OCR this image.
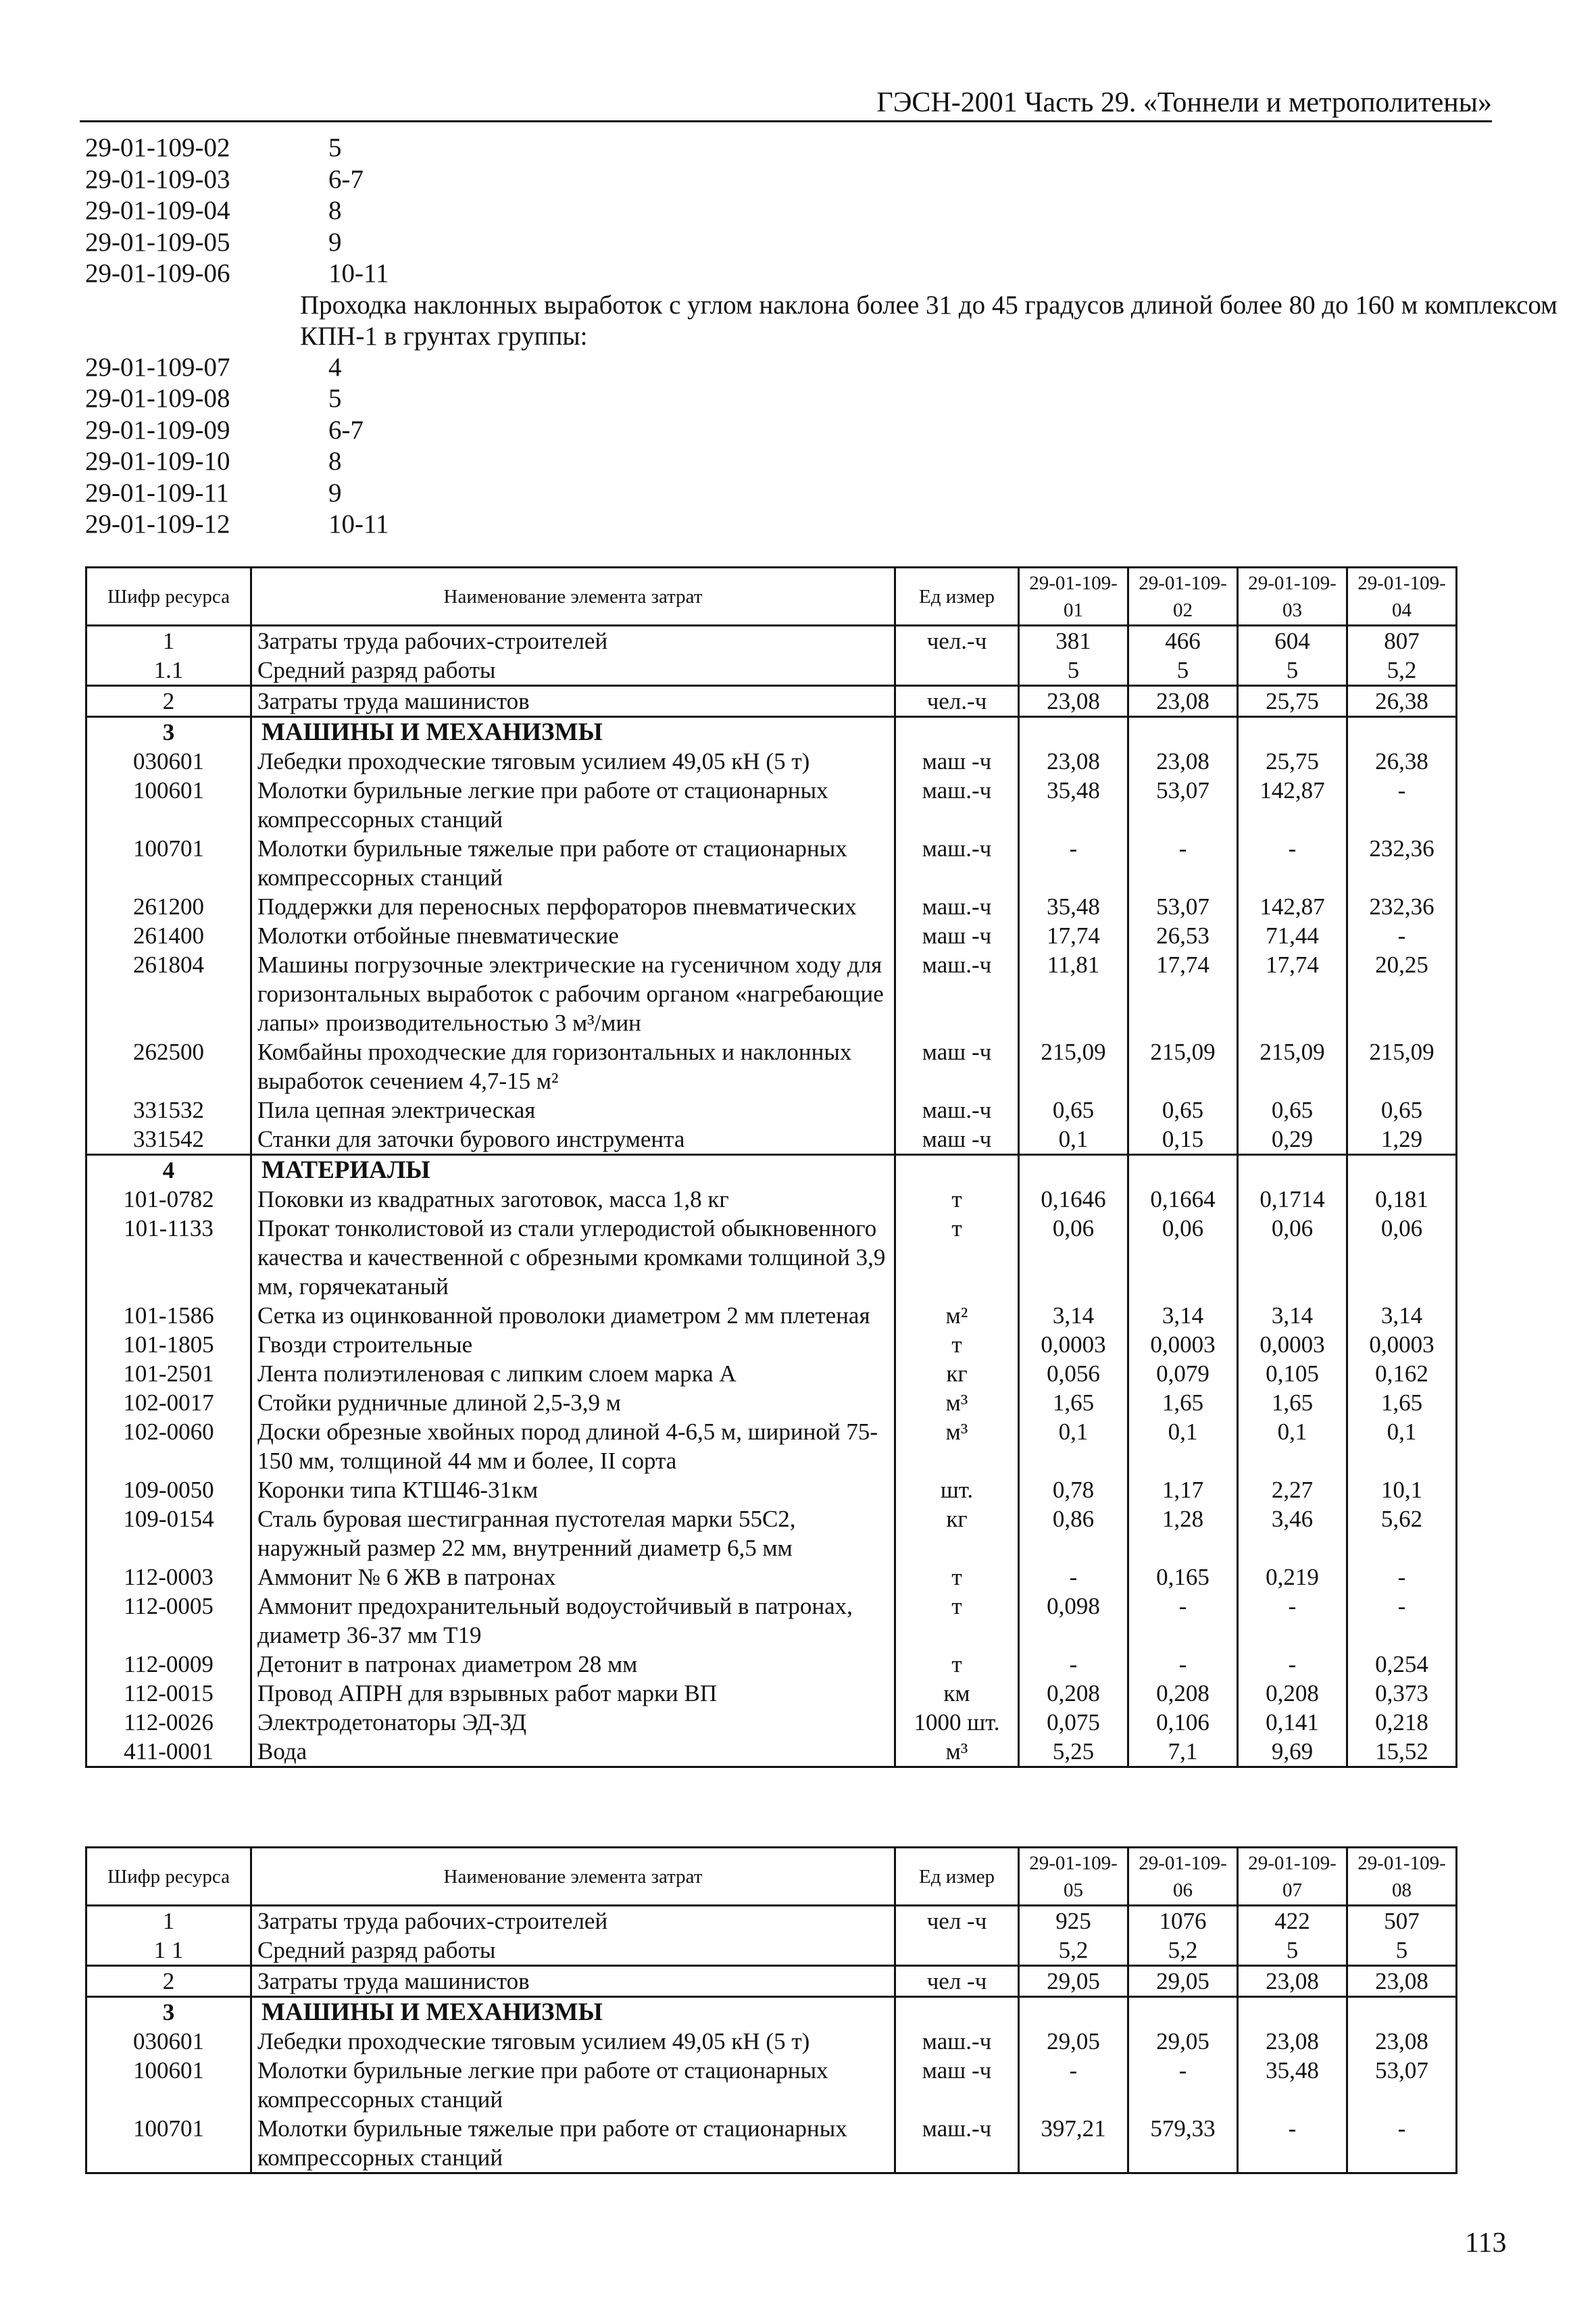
ГЭСН-2001 Часть 29. «Тоннели и метрополитены»
29-01-109-02	5
29-01-109-03	6-7
29-01-109-04	8
29-01-109-05	9
29-01-109-06	10-11
Проходка наклонных выработок с углом наклона более 31 до 45 градусов длиной более 80 до 160 м комплексом КПН-1 в грунтах группы:
29-01-109-07	4
29-01-109-08	5
29-01-109-09	6-7
29-01-109-10	8
29-01-109-11	9
29-01-109-12	10-11
Шифр ресурса	Наименование элемента затрат	Ед измер	29-01-109-01	29-01-109-02	29-01-109-03	29-01-109-04
1	Затраты труда рабочих-строителей	чел.-ч	381	466	604	807
1.1	Средний разряд работы		5	5	5	5,2
2	Затраты труда машинистов	чел.-ч	23,08	23,08	25,75	26,38
3	МАШИНЫ И МЕХАНИЗМЫ					
030601	Лебедки проходческие тяговым усилием 49,05 кН (5 т)	маш -ч	23,08	23,08	25,75	26,38
100601	Молотки бурильные легкие при работе от стационарных компрессорных станций	маш.-ч	35,48	53,07	142,87	-
100701	Молотки бурильные тяжелые при работе от стационарных компрессорных станций	маш.-ч	-	-	-	232,36
261200	Поддержки для переносных перфораторов пневматических	маш.-ч	35,48	53,07	142,87	232,36
261400	Молотки отбойные пневматические	маш -ч	17,74	26,53	71,44	-
261804	Машины погрузочные электрические на гусеничном ходу для горизонтальных выработок с рабочим органом «нагребающие лапы» производительностью 3 м³/мин	маш.-ч	11,81	17,74	17,74	20,25
262500	Комбайны проходческие для горизонтальных и наклонных выработок сечением 4,7-15 м²	маш -ч	215,09	215,09	215,09	215,09
331532	Пила цепная электрическая	маш.-ч	0,65	0,65	0,65	0,65
331542	Станки для заточки бурового инструмента	маш -ч	0,1	0,15	0,29	1,29
4	МАТЕРИАЛЫ					
101-0782	Поковки из квадратных заготовок, масса 1,8 кг	т	0,1646	0,1664	0,1714	0,181
101-1133	Прокат тонколистовой из стали углеродистой обыкновенного качества и качественной с обрезными кромками толщиной 3,9 мм, горячекатаный	т	0,06	0,06	0,06	0,06
101-1586	Сетка из оцинкованной проволоки диаметром 2 мм плетеная	м²	3,14	3,14	3,14	3,14
101-1805	Гвозди строительные	т	0,0003	0,0003	0,0003	0,0003
101-2501	Лента полиэтиленовая с липким слоем марка А	кг	0,056	0,079	0,105	0,162
102-0017	Стойки рудничные длиной 2,5-3,9 м	м³	1,65	1,65	1,65	1,65
102-0060	Доски обрезные хвойных пород длиной 4-6,5 м, шириной 75-150 мм, толщиной 44 мм и более, II сорта	м³	0,1	0,1	0,1	0,1
109-0050	Коронки типа КТШ46-31км	шт.	0,78	1,17	2,27	10,1
109-0154	Сталь буровая шестигранная пустотелая марки 55С2, наружный размер 22 мм, внутренний диаметр 6,5 мм	кг	0,86	1,28	3,46	5,62
112-0003	Аммонит № 6 ЖВ в патронах	т	-	0,165	0,219	-
112-0005	Аммонит предохранительный водоустойчивый в патронах, диаметр 36-37 мм Т19	т	0,098	-	-	-
112-0009	Детонит в патронах диаметром 28 мм	т	-	-	-	0,254
112-0015	Провод АПРН для взрывных работ марки ВП	км	0,208	0,208	0,208	0,373
112-0026	Электродетонаторы ЭД-ЗД	1000 шт.	0,075	0,106	0,141	0,218
411-0001	Вода	м³	5,25	7,1	9,69	15,52
Шифр ресурса	Наименование элемента затрат	Ед измер	29-01-109-05	29-01-109-06	29-01-109-07	29-01-109-08
1	Затраты труда рабочих-строителей	чел -ч	925	1076	422	507
1 1	Средний разряд работы		5,2	5,2	5	5
2	Затраты труда машинистов	чел -ч	29,05	29,05	23,08	23,08
3	МАШИНЫ И МЕХАНИЗМЫ					
030601	Лебедки проходческие тяговым усилием 49,05 кН (5 т)	маш.-ч	29,05	29,05	23,08	23,08
100601	Молотки бурильные легкие при работе от стационарных компрессорных станций	маш -ч	-	-	35,48	53,07
100701	Молотки бурильные тяжелые при работе от стационарных компрессорных станций	маш.-ч	397,21	579,33	-	-
113
